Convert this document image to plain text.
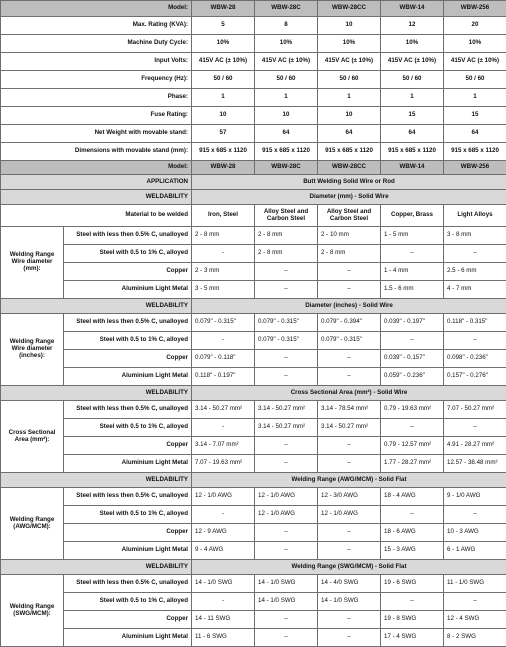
Model:		WBW-28	WBW-28C	WBW-28CC	WBW-14	WBW-256
Max. Rating (KVA):		5	8	10	12	20
Machine Duty Cycle:		10%	10%	10%	10%	10%
Input Volts:		415V AC (± 10%)	415V AC (± 10%)	415V AC (± 10%)	415V AC (± 10%)	415V AC (± 10%)
Frequency (Hz):		50 / 60	50 / 60	50 / 60	50 / 60	50 / 60
Phase:		1	1	1	1	1
Fuse Rating:		10	10	10	15	15
Net Weight with movable stand:		57	64	64	64	64
Dimensions with movable stand (mm):		915 x 685 x 1120	915 x 685 x 1120	915 x 685 x 1120	915 x 685 x 1120	915 x 685 x 1120
Model:		WBW-28	WBW-28C	WBW-28CC	WBW-14	WBW-256
APPLICATION		Butt Welding Solid Wire or Rod				
WELDABILITY		Diameter (mm) - Solid Wire				
Material to be welded		Iron, Steel	Alloy Steel and Carbon Steel	Alloy Steel and Carbon Steel	Copper, Brass	Light Alloys
Welding Range Wire diameter (mm):	Steel with less then 0.5% C, unalloyed	2 - 8 mm	2 - 8 mm	2 - 10 mm	1 - 5 mm	3 - 8 mm
	Steel with 0.5 to 1% C, alloyed	-	2 - 8 mm	2 - 8 mm	–	–
	Copper	2 - 3 mm	–	–	1 - 4 mm	2.5 - 6 mm
	Aluminium Light Metal	3 - 5 mm	–	–	1.5 - 6 mm	4 - 7 mm
WELDABILITY		Diameter (inches) - Solid Wire				
Welding Range Wire diameter (inches):	Steel with less then 0.5% C, unalloyed	0.079" - 0.315"	0.079" - 0.315"	0.079" - 0.394"	0.039" - 0.197"	0.118" - 0.315"
	Steel with 0.5 to 1% C, alloyed	-	0.079" - 0.315"	0.079" - 0.315"	–	–
	Copper	0.079" - 0.118"	–	–	0.039" - 0.157"	0.098" - 0.236"
	Aluminium Light Metal	0.118" - 0.197"	–	–	0.059" - 0.236"	0.157" - 0.276"
WELDABILITY		Cross Sectional Area (mm²) - Solid Wire				
Cross Sectional Area (mm²):	Steel with less then 0.5% C, unalloyed	3.14 - 50.27 mm²	3.14 - 50.27 mm²	3.14 - 78.54 mm²	0.79 - 19.63 mm²	7.07 - 50.27 mm²
	Steel with 0.5 to 1% C, alloyed	-	3.14 - 50.27 mm²	3.14 - 50.27 mm²	–	–
	Copper	3.14 - 7.07 mm²	–	–	0.79 - 12.57 mm²	4.91 - 28.27 mm²
	Aluminium Light Metal	7.07 - 19.63 mm²	–	–	1.77 - 28.27 mm²	12.57 - 38.48 mm²
WELDABILITY		Welding Range (AWG/MCM) - Solid Flat				
Welding Range (AWG/MCM):	Steel with less then 0.5% C, unalloyed	12 - 1/0 AWG	12 - 1/0 AWG	12 - 3/0 AWG	18 - 4 AWG	9 - 1/0 AWG
	Steel with 0.5 to 1% C, alloyed	-	12 - 1/0 AWG	12 - 1/0 AWG	–	–
	Copper	12 - 9 AWG	–	–	18 - 6 AWG	10 - 3 AWG
	Aluminium Light Metal	9 - 4 AWG	–	–	15 - 3 AWG	6 - 1 AWG
WELDABILITY		Welding Range (SWG/MCM) - Solid Flat				
Welding Range (SWG/MCM):	Steel with less then 0.5% C, unalloyed	14 - 1/0 SWG	14 - 1/0 SWG	14 - 4/0 SWG	19 - 6 SWG	11 - 1/0 SWG
	Steel with 0.5 to 1% C, alloyed	-	14 - 1/0 SWG	14 - 1/0 SWG	–	–
	Copper	14 - 11 SWG	–	–	19 - 8 SWG	12 - 4 SWG
	Aluminium Light Metal	11 - 6 SWG	–	–	17 - 4 SWG	8 - 2 SWG
